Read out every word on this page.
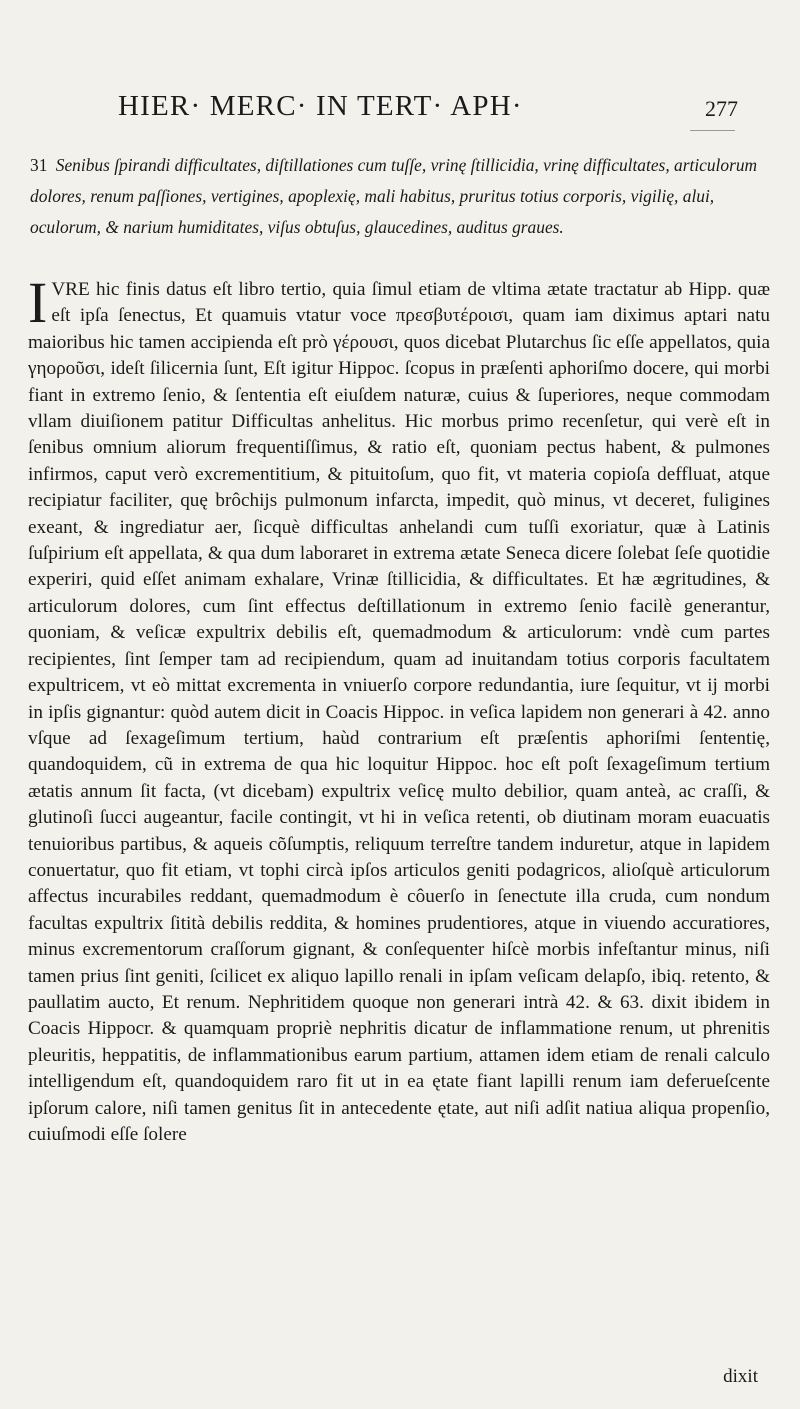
HIER· MERC· IN TERT· APH·	277
31 Senibus ſpirandi difficultates, diſtillationes cum tuſſe, vrinę ſtillicidia, vrinę difficultates, articulorum dolores, renum paſſiones, vertigines, apoplexię, mali habitus, pruritus totius corporis, vigilię, alui, oculorum, & narium humiditates, viſus obtuſus, glaucedines, auditus graues.
I VRE hic finis datus eſt libro tertio, quia ſimul etiam de vltima ætate tractatur ab Hipp. quæ eſt ipſa ſenectus, Et quamuis vtatur voce πρεσβυτέροισι, quam iam diximus aptari natu maioribus hic tamen accipienda eſt prò γέρουσι, quos dicebat Plutarchus ſic eſſe appellatos, quia γηοροῦσι, ideſt ſilicernia ſunt, Eſt igitur Hippoc. ſcopus in præſenti aphoriſmo docere, qui morbi fiant in extremo ſenio, & ſententia eſt eiuſdem naturæ, cuius & ſuperiores, neque commodam vllam diuiſionem patitur Difficultas anhelitus. Hic morbus primo recenſetur, qui verè eſt in ſenibus omnium aliorum frequentiſſimus, & ratio eſt, quoniam pectus habent, & pulmones infirmos, caput verò excrementitium, & pituitoſum, quo fit, vt materia copioſa deffluat, atque recipiatur faciliter, quę brôchijs pulmonum infarcta, impedit, quò minus, vt deceret, fuligines exeant, & ingrediatur aer, ſicquè difficultas anhelandi cum tuſſi exoriatur, quæ à Latinis ſuſpirium eſt appellata, & qua dum laboraret in extrema ætate Seneca dicere ſolebat ſeſe quotidie experiri, quid eſſet animam exhalare, Vrinæ ſtillicidia, & difficultates. Et hæ ægritudines, & articulorum dolores, cum ſint effectus deſtillationum in extremo ſenio facilè generantur, quoniam, & veſicæ expultrix debilis eſt, quemadmodum & articulorum: vndè cum partes recipientes, ſint ſemper tam ad recipiendum, quam ad inuitandam totius corporis facultatem expultricem, vt eò mittat excrementa in vniuerſo corpore redundantia, iure ſequitur, vt ij morbi in ipſis gignantur: quòd autem dicit in Coacis Hippoc. in veſica lapidem non generari à 42. anno vſque ad ſexageſimum tertium, haùd contrarium eſt præſentis aphoriſmi ſententię, quandoquidem, cũ in extrema de qua hic loquitur Hippoc. hoc eſt poſt ſexageſimum tertium ætatis annum ſit facta, (vt dicebam) expultrix veſicę multo debilior, quam anteà, ac craſſi, & glutinoſi ſucci augeantur, facile contingit, vt hi in veſica retenti, ob diutinam moram euacuatis tenuioribus partibus, & aqueis cõſumptis, reliquum terreſtre tandem induretur, atque in lapidem conuertatur, quo fit etiam, vt tophi circà ipſos articulos geniti podagricos, alioſquè articulorum affectus incurabiles reddant, quemadmodum è côuerſo in ſenectute illa cruda, cum nondum facultas expultrix ſitità debilis reddita, & homines prudentiores, atque in viuendo accuratiores, minus excrementorum craſſorum gignant, & conſequenter hiſcè morbis infeſtantur minus, niſi tamen prius ſint geniti, ſcilicet ex aliquo lapillo renali in ipſam veſicam delapſo, ibiq. retento, & paullatim aucto, Et renum. Nephritidem quoque non generari intrà 42. & 63. dixit ibidem in Coacis Hippocr. & quamquam propriè nephritis dicatur de inflammatione renum, ut phrenitis pleuritis, heppatitis, de inflammationibus earum partium, attamen idem etiam de renali calculo intelligendum eſt, quandoquidem raro fit ut in ea ętate fiant lapilli renum iam deferueſcente ipſorum calore, niſi tamen genitus ſit in antecedente ętate, aut niſi adſit natiua aliqua propenſio, cuiuſmodi eſſe ſolere
dixit
